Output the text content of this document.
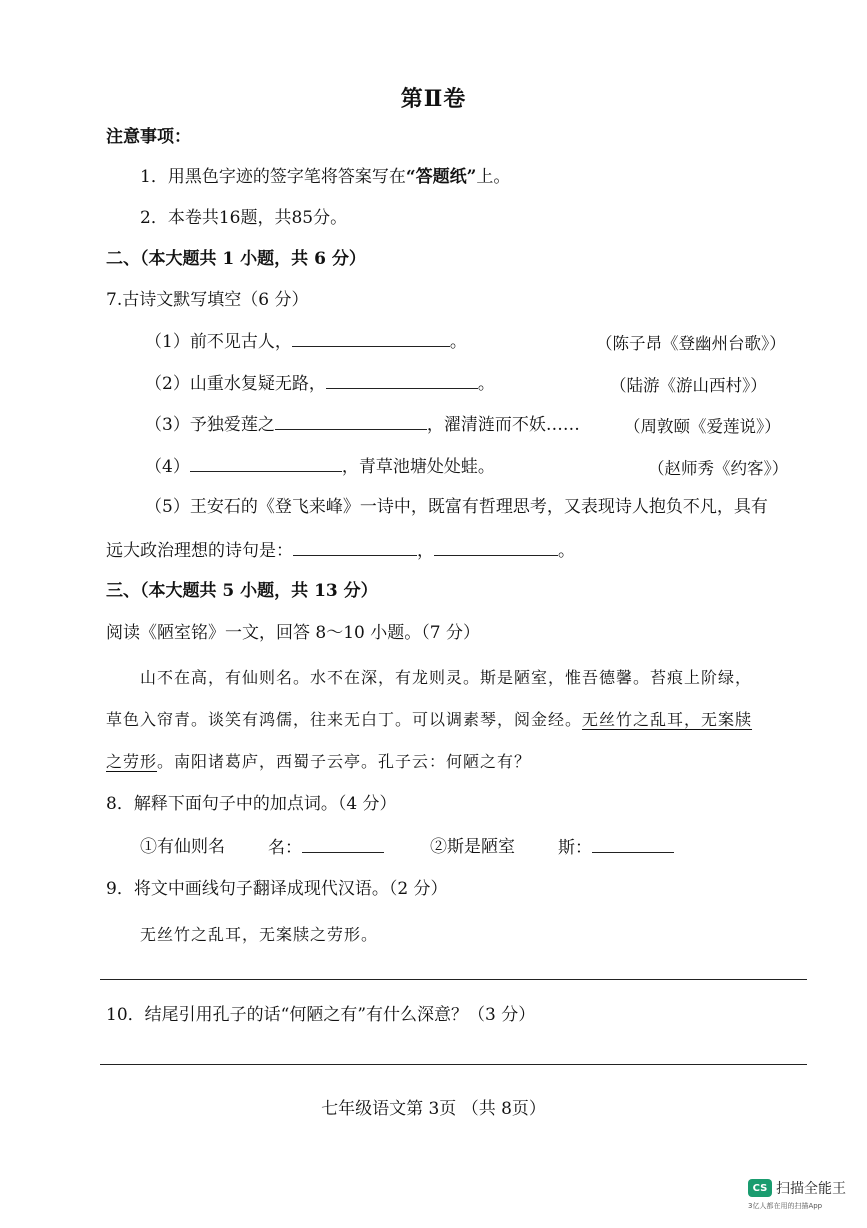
第Ⅱ卷
注意事项：
1．用黑色字迹的签字笔将答案写在“答题纸”上。
2．本卷共16题，共85分。
二、（本大题共 1 小题，共 6 分）
7.古诗文默写填空（6 分）
（1）前不见古人，	。	（陈子昂《登幽州台歌》）
（2）山重水复疑无路，	。	（陆游《游山西村》）
（3）予独爱莲之	，濯清涟而不妖……	（周敦颐《爱莲说》）
（4）	，青草池塘处处蛙。	（赵师秀《约客》）
（5）王安石的《登飞来峰》一诗中，既富有哲理思考，又表现诗人抱负不凡，具有
远大政治理想的诗句是：	，	。
三、（本大题共 5 小题，共 13 分）
阅读《陋室铭》一文，回答 8～10 小题。（7 分）
山不在高，有仙则名。水不在深，有龙则灵。斯是陋室，惟吾德馨。苔痕上阶绿，
草色入帘青。谈笑有鸿儒，往来无白丁。可以调素琴，阅金经。无丝竹之乱耳，无案牍
之劳形。南阳诸葛庐，西蜀子云亭。孔子云：何陋之有？
8．解释下面句子中的加点词。（4 分）
①有仙则名	名：	②斯是陋室	斯：
9．将文中画线句子翻译成现代汉语。（2 分）
无丝竹之乱耳，无案牍之劳形。
10．结尾引用孔子的话“何陋之有”有什么深意？（3 分）
七年级语文第 3页 （共 8页）
CS 扫描全能王
3亿人都在用的扫描App
